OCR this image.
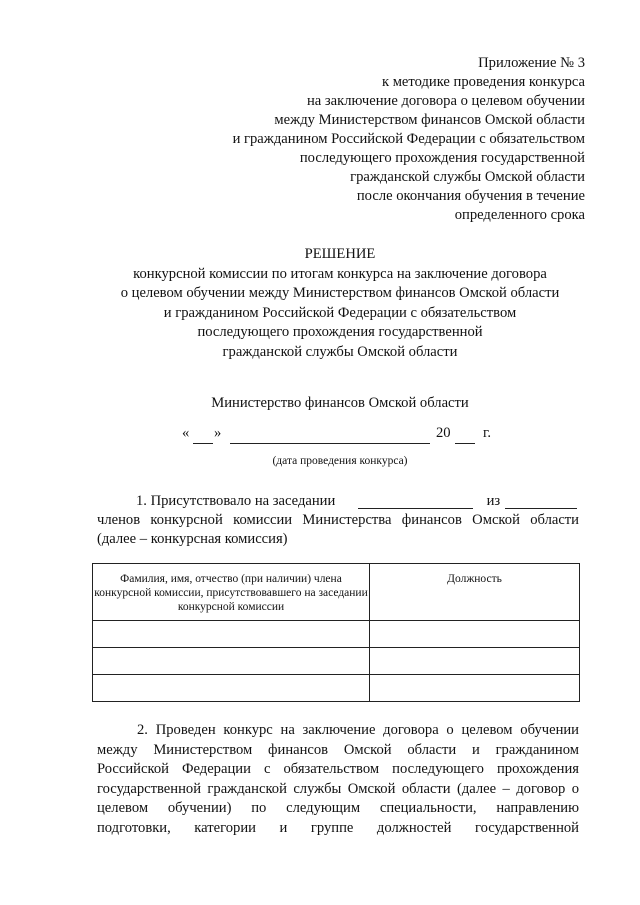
Приложение № 3
к методике проведения конкурса
на заключение договора о целевом обучении
между Министерством финансов Омской области
и гражданином Российской Федерации с обязательством
последующего прохождения государственной
гражданской службы Омской области
после окончания обучения в течение
определенного срока
РЕШЕНИЕ
конкурсной комиссии по итогам конкурса на заключение договора
о целевом обучении между Министерством финансов Омской области
и гражданином Российской Федерации с обязательством
последующего прохождения государственной
гражданской службы Омской области
Министерство финансов Омской области
« »	20 г.
(дата проведения конкурса)
1. Присутствовало на заседании	из
членов конкурсной комиссии Министерства финансов Омской области
(далее – конкурсная комиссия)
Фамилия, имя, отчество (при наличии) члена конкурсной комиссии, присутствовавшего на заседании конкурсной комиссии	Должность

2. Проведен конкурс на заключение договора о целевом обучении
между Министерством финансов Омской области и гражданином
Российской Федерации с обязательством последующего прохождения
государственной гражданской службы Омской области (далее – договор о
целевом обучении) по следующим специальности, направлению
подготовки, категории и группе должностей государственной
